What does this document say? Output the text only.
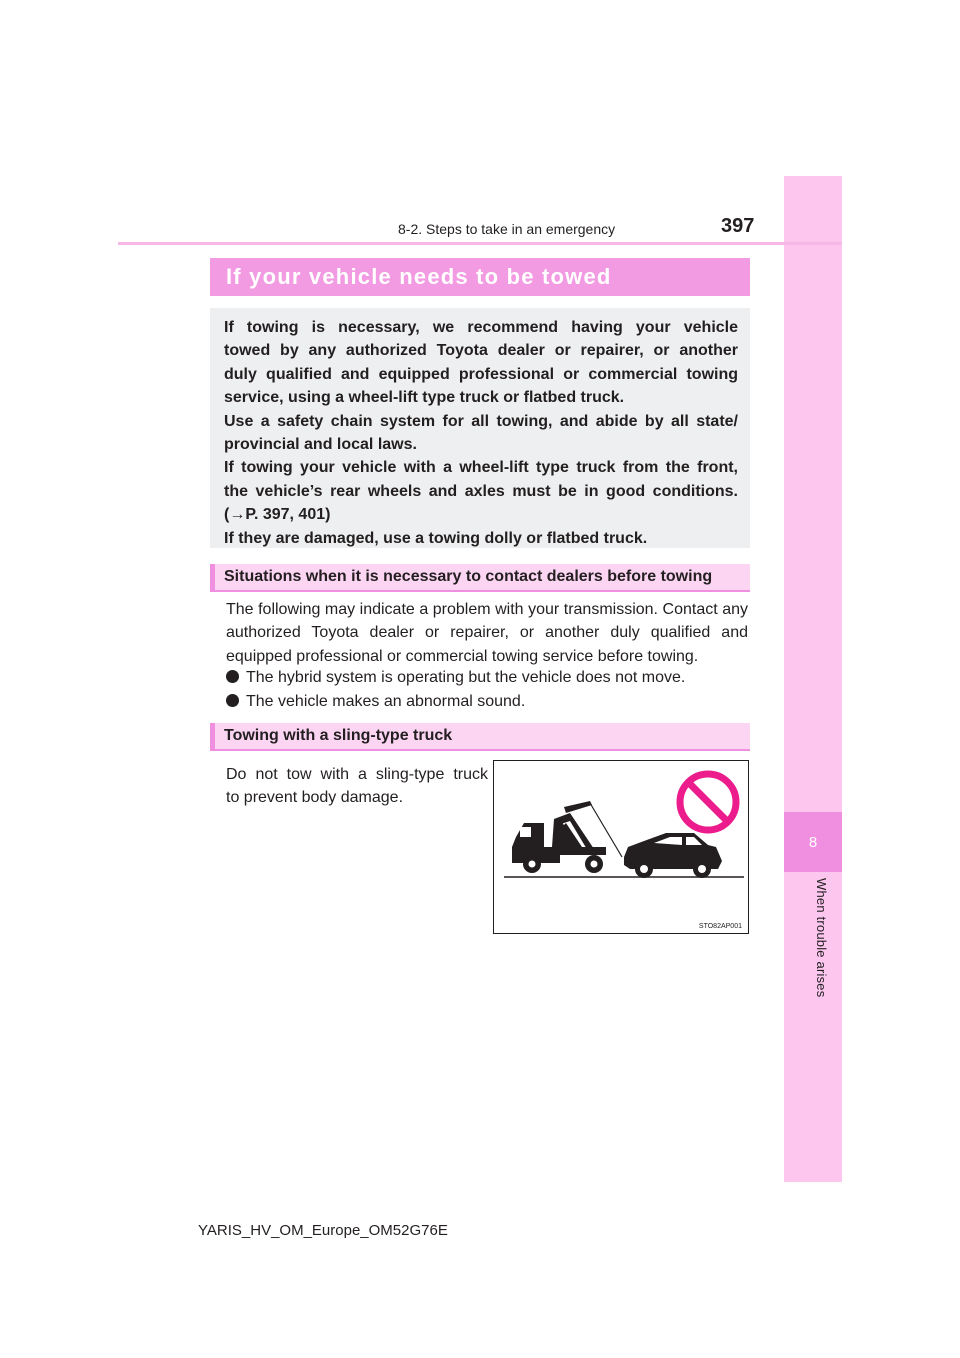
8
When trouble arises
8-2. Steps to take in an emergency	397
If your vehicle needs to be towed

If towing is necessary, we recommend having your vehicle

towed by any authorized Toyota dealer or repairer, or another

duly qualified and equipped professional or commercial towing

service, using a wheel-lift type truck or flatbed truck.

Use a safety chain system for all towing, and abide by all state/

provincial and local laws.

If towing your vehicle with a wheel-lift type truck from the front,

the vehicle’s rear wheels and axles must be in good conditions.

(→P. 397, 401)

If they are damaged, use a towing dolly or flatbed truck.

Situations when it is necessary to contact dealers before towing

The following may indicate a problem with your transmission. Contact any authorized Toyota dealer or repairer, or another duly qualified and equipped professional or commercial towing service before towing.

The hybrid system is operating but the vehicle does not move.

The vehicle makes an abnormal sound.

Towing with a sling-type truck

Do not tow with a sling-type truck
to prevent body damage.

STO82AP001
YARIS_HV_OM_Europe_OM52G76E
